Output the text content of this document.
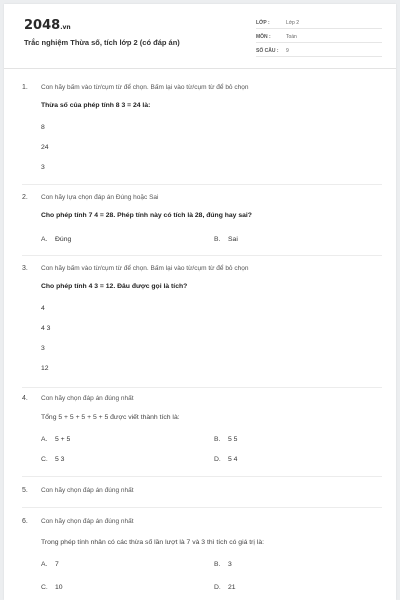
2048.vn
Trắc nghiệm Thừa số, tích lớp 2 (có đáp án)
LỚP :	Lớp 2
MÔN :	Toán
SỐ CÂU : 9
1. Con hãy bấm vào từ/cụm từ để chọn. Bấm lại vào từ/cụm từ để bỏ chọn
Thừa số của phép tính 8 3 = 24 là:
8
24
3
2. Con hãy lựa chọn đáp án Đúng hoặc Sai
Cho phép tính 7 4 = 28. Phép tính này có tích là 28, đúng hay sai?
A. Đúng	B. Sai
3. Con hãy bấm vào từ/cụm từ để chọn. Bấm lại vào từ/cụm từ để bỏ chọn
Cho phép tính 4 3 = 12. Đâu được gọi là tích?
4
4 3
3
12
4. Con hãy chọn đáp án đúng nhất
Tổng 5 + 5 + 5 + 5 + 5 được viết thành tích là:
A. 5 + 5	B. 5 5
C. 5 3	D. 5 4
5. Con hãy chọn đáp án đúng nhất
6. Con hãy chọn đáp án đúng nhất
Trong phép tính nhân có các thừa số lần lượt là 7 và 3 thì tích có giá trị là:
A. 7	B. 3
C. 10	D. 21
